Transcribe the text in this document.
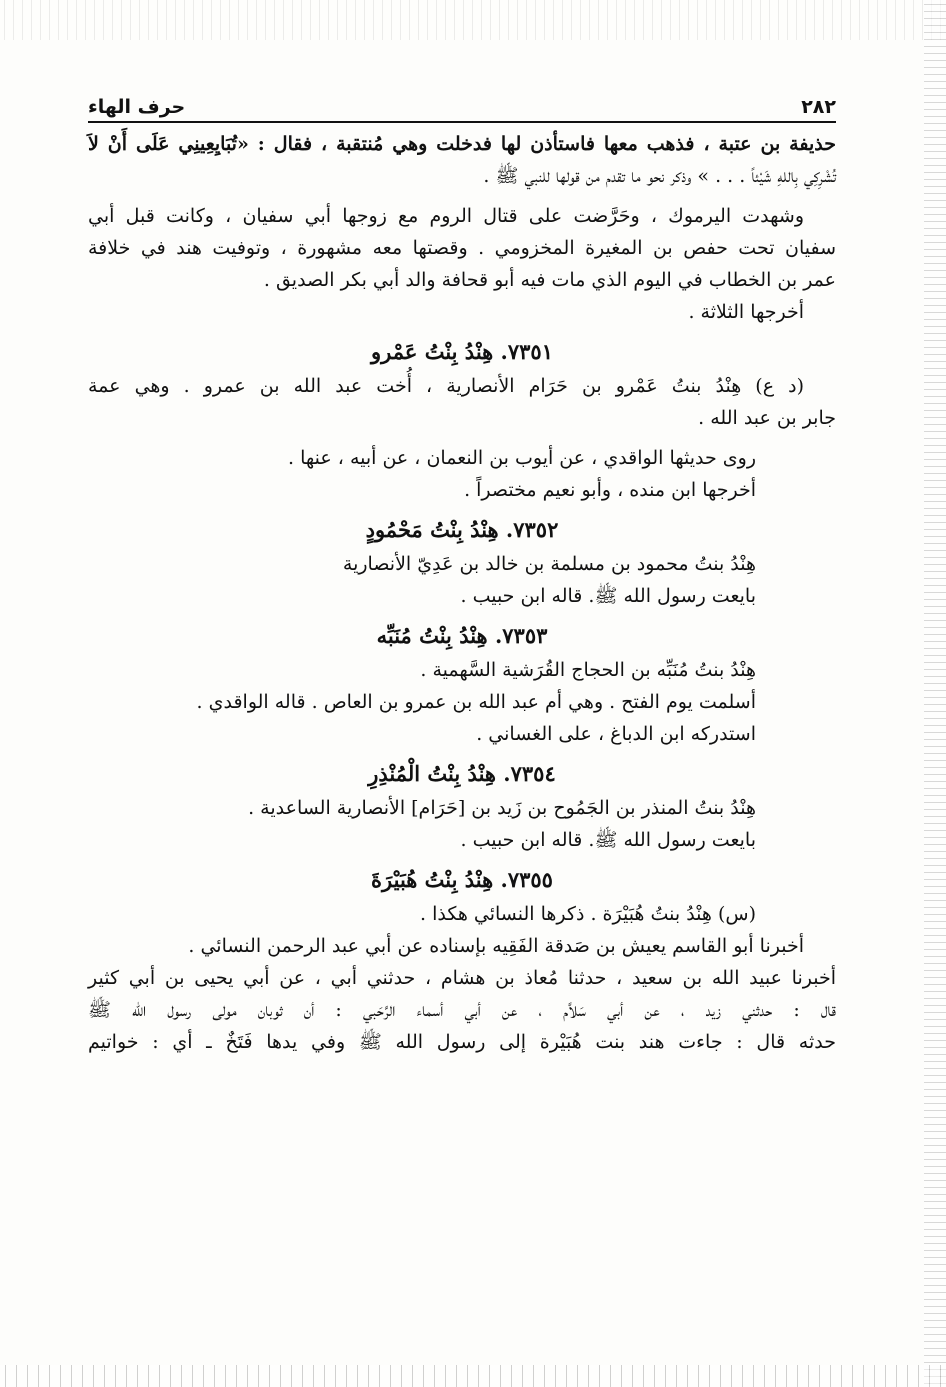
٢٨٢
حرف الهاء
حذيفة بن عتبة ، فذهب معها فاستأذن لها فدخلت وهي مُنتقبة ، فقال : «تُبَايِعِينِي عَلَى أَنْ لاَ
تُشْرِكِي بِاللهِ شَيْئاً . . . » وذكر نحو ما تقدم من قولها للنبي ﷺ .
وشهدت اليرموك ، وحَرَّضت على قتال الروم مع زوجها أبي سفيان ، وكانت قبل أبي
سفيان تحت حفص بن المغيرة المخزومي . وقصتها معه مشهورة ، وتوفيت هند في خلافة
عمر بن الخطاب في اليوم الذي مات فيه أبو قحافة والد أبي بكر الصديق .
أخرجها الثلاثة .
٧٣٥١. هِنْدُ بِنْتُ عَمْرو
(د ع) هِنْدُ بنتُ عَمْرو بن حَرَام الأنصارية ، أُخت عبد الله بن عمرو . وهي عمة
جابر بن عبد الله .
روى حديثها الواقدي ، عن أيوب بن النعمان ، عن أبيه ، عنها .
أخرجها ابن منده ، وأبو نعيم مختصراً .
٧٣٥٢. هِنْدُ بِنْتُ مَحْمُودٍ
هِنْدُ بنتُ محمود بن مسلمة بن خالد بن عَدِيّ الأنصارية
بايعت رسول الله ﷺ. قاله ابن حبيب .
٧٣٥٣. هِنْدُ بِنْتُ مُنَبِّه
هِنْدُ بنتُ مُنَبِّه بن الحجاج القُرَشية السَّهمية .
أسلمت يوم الفتح . وهي أم عبد الله بن عمرو بن العاص . قاله الواقدي .
استدركه ابن الدباغ ، على الغساني .
٧٣٥٤. هِنْدُ بِنْتُ الْمُنْذِرِ
هِنْدُ بنتُ المنذر بن الجَمُوح بن زَيد بن [حَرَام] الأنصارية الساعدية .
بايعت رسول الله ﷺ. قاله ابن حبيب .
٧٣٥٥. هِنْدُ بِنْتُ هُبَيْرَةَ
(س) هِنْدُ بنتُ هُبَيْرَة . ذكرها النسائي هكذا .
أخبرنا أبو القاسم يعيش بن صَدقة الفَقِيه بإسناده عن أبي عبد الرحمن النسائي .
أخبرنا عبيد الله بن سعيد ، حدثنا مُعاذ بن هشام ، حدثني أبي ، عن أبي يحيى بن أبي كثير
قال : حدثني زيد ، عن أبي سَلاَّم ، عن أبي أسماء الرَّحَبي : أن ثوبان مولى رسول الله ﷺ
حدثه قال : جاءت هند بنت هُبَيْرة إلى رسول الله ﷺ وفي يدها فَتَخٌ ـ أي : خواتيم
